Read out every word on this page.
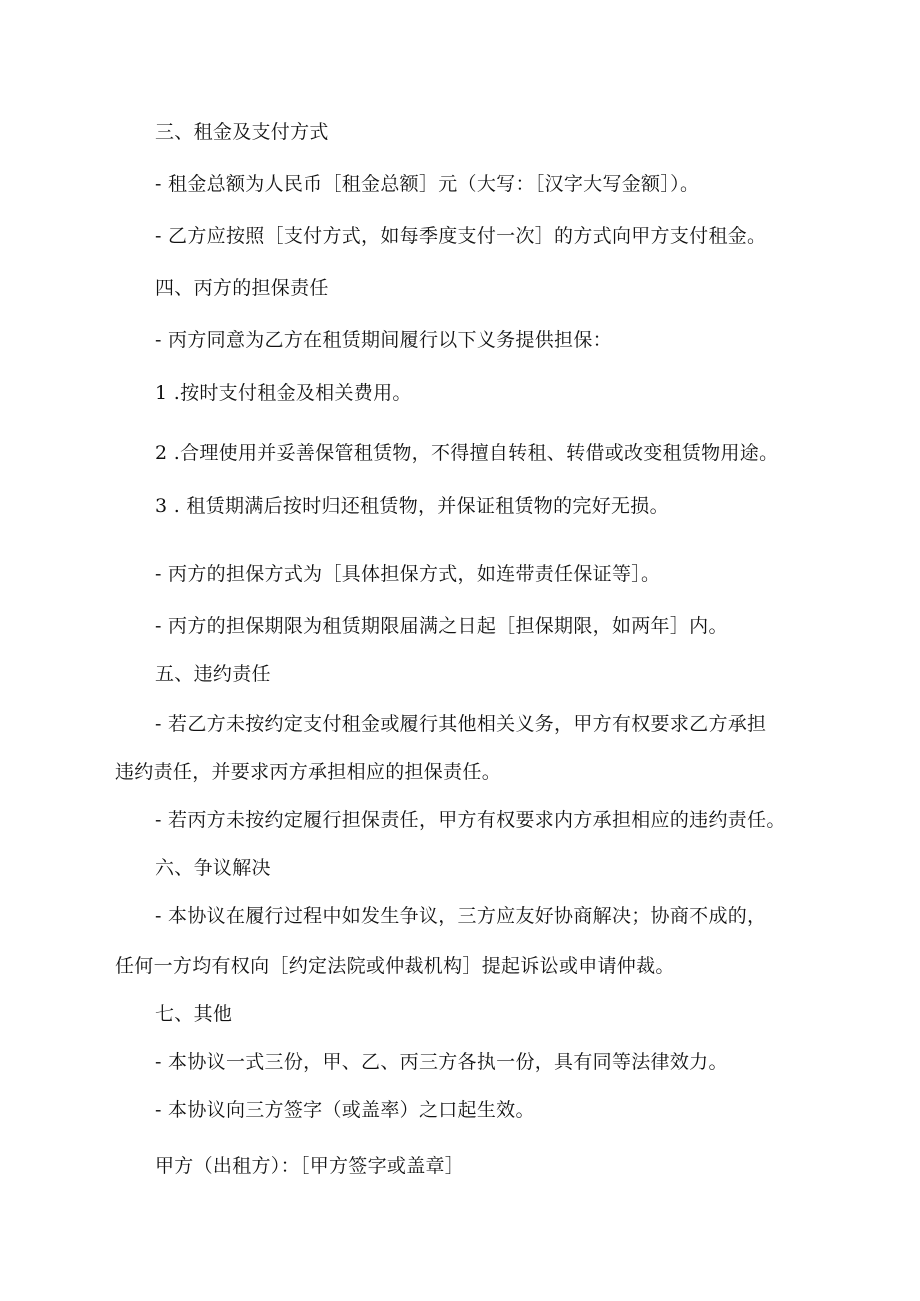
三、租金及支付方式
- 租金总额为人民币［租金总额］元（大写：［汉字大写金额］）。
- 乙方应按照［支付方式，如每季度支付一次］的方式向甲方支付租金。
四、丙方的担保责任
- 丙方同意为乙方在租赁期间履行以下义务提供担保：
1 .按时支付租金及相关费用。
2 .合理使用并妥善保管租赁物，不得擅自转租、转借或改变租赁物用途。
3 . 租赁期满后按时归还租赁物，并保证租赁物的完好无损。
- 丙方的担保方式为［具体担保方式，如连带责任保证等］。
- 丙方的担保期限为租赁期限届满之日起［担保期限，如两年］内。
五、违约责任
- 若乙方未按约定支付租金或履行其他相关义务，甲方有权要求乙方承担
违约责任，并要求丙方承担相应的担保责任。
- 若丙方未按约定履行担保责任，甲方有权要求内方承担相应的违约责任。
六、争议解决
- 本协议在履行过程中如发生争议，三方应友好协商解决；协商不成的，
任何一方均有权向［约定法院或仲裁机构］提起诉讼或申请仲裁。
七、其他
- 本协议一式三份，甲、乙、丙三方各执一份，具有同等法律效力。
- 本协议向三方签字（或盖率）之口起生效。
甲方（出租方）：［甲方签字或盖章］
